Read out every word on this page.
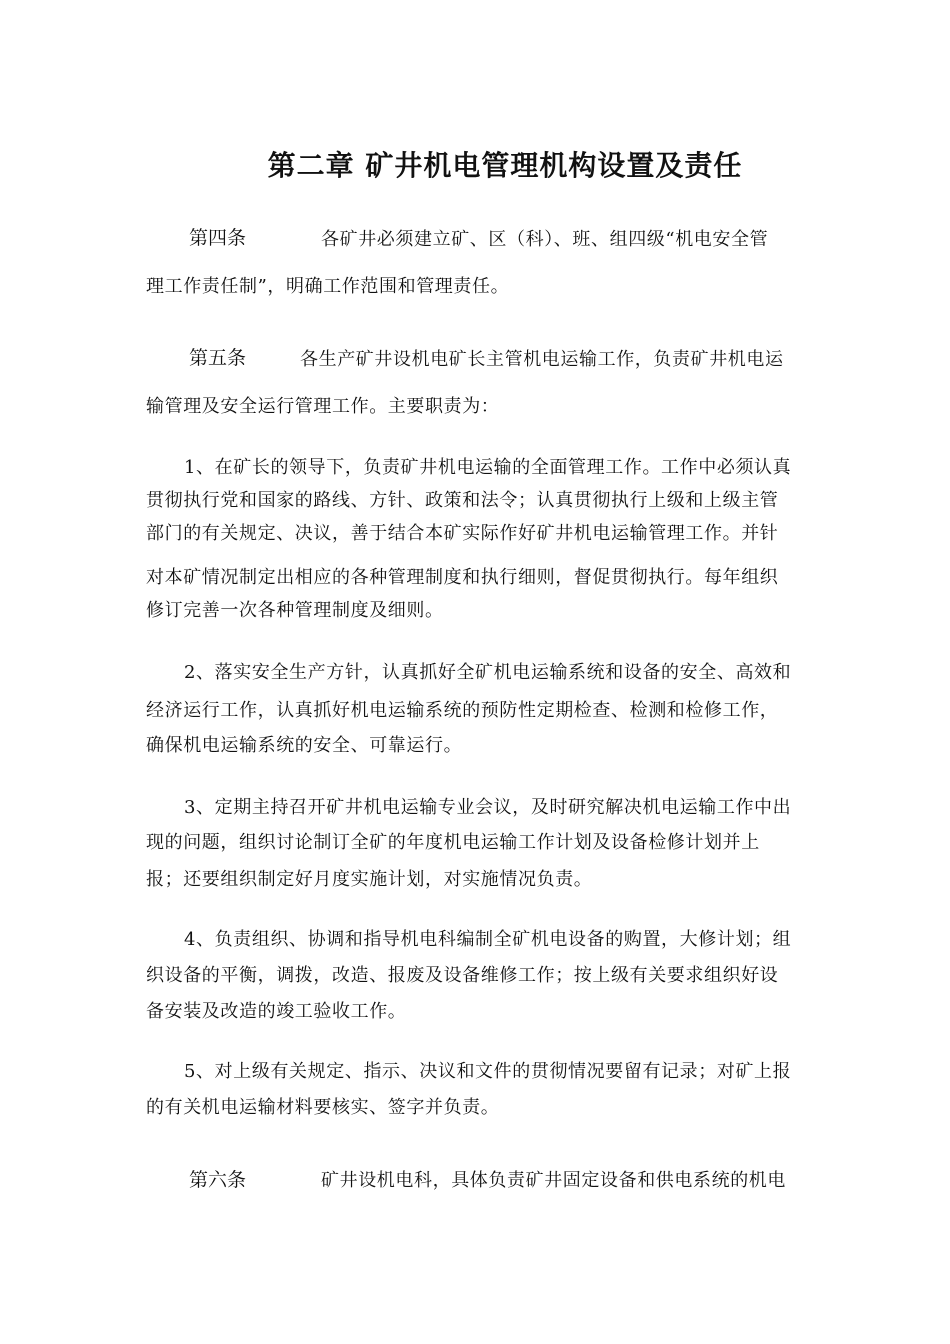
第二章 矿井机电管理机构设置及责任
第四条	各矿井必须建立矿、区（科）、班、组四级“机电安全管
理工作责任制”，明确工作范围和管理责任。
第五条	各生产矿井设机电矿长主管机电运输工作，负责矿井机电运
输管理及安全运行管理工作。主要职责为：
1、在矿长的领导下，负责矿井机电运输的全面管理工作。工作中必须认真
贯彻执行党和国家的路线、方针、政策和法令；认真贯彻执行上级和上级主管
部门的有关规定、决议，善于结合本矿实际作好矿井机电运输管理工作。并针
对本矿情况制定出相应的各种管理制度和执行细则，督促贯彻执行。每年组织
修订完善一次各种管理制度及细则。
2、落实安全生产方针，认真抓好全矿机电运输系统和设备的安全、高效和
经济运行工作，认真抓好机电运输系统的预防性定期检查、检测和检修工作，
确保机电运输系统的安全、可靠运行。
3、定期主持召开矿井机电运输专业会议，及时研究解决机电运输工作中出
现的问题，组织讨论制订全矿的年度机电运输工作计划及设备检修计划并上
报；还要组织制定好月度实施计划，对实施情况负责。
4、负责组织、协调和指导机电科编制全矿机电设备的购置，大修计划；组
织设备的平衡，调拨，改造、报废及设备维修工作；按上级有关要求组织好设
备安装及改造的竣工验收工作。
5、对上级有关规定、指示、决议和文件的贯彻情况要留有记录；对矿上报
的有关机电运输材料要核实、签字并负责。
第六条	矿井设机电科，具体负责矿井固定设备和供电系统的机电
